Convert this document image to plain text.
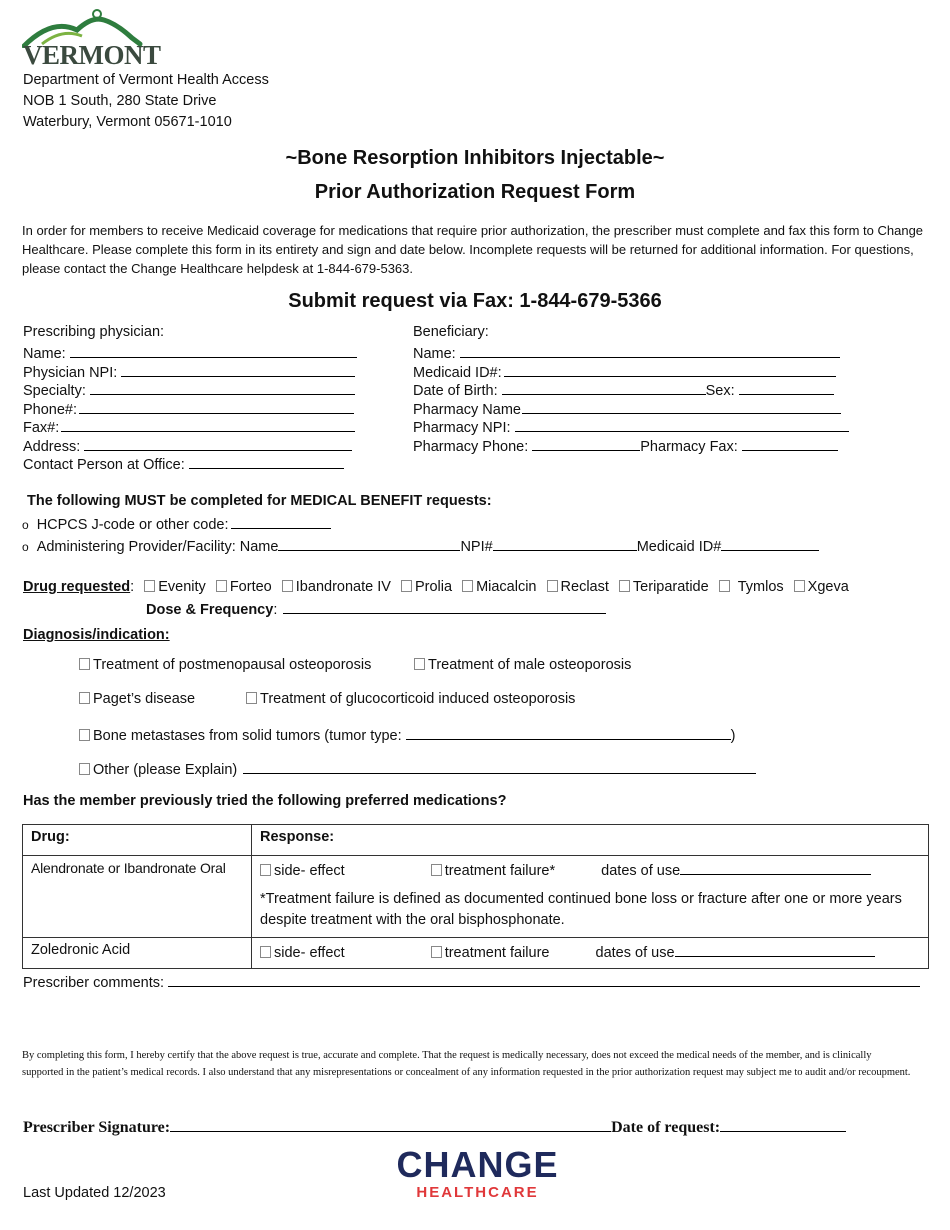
VERMONT
Department of Vermont Health Access
NOB 1 South, 280 State Drive
Waterbury, Vermont 05671-1010
~Bone Resorption Inhibitors Injectable~
Prior Authorization Request Form
In order for members to receive Medicaid coverage for medications that require prior authorization, the prescriber must complete and fax this form to Change Healthcare. Please complete this form in its entirety and sign and date below. Incomplete requests will be returned for additional information. For questions, please contact the Change Healthcare helpdesk at 1-844-679-5363.
Submit request via Fax: 1-844-679-5366
Prescribing physician:
Name:
Physician NPI:
Specialty:
Phone#:
Fax#:
Address:
Contact Person at Office:
Beneficiary:
Name:
Medicaid ID#:
Date of Birth:	Sex:
Pharmacy Name
Pharmacy NPI:
Pharmacy Phone:	Pharmacy Fax:
The following MUST be completed for MEDICAL BENEFIT requests:
o HCPCS J-code or other code:
o Administering Provider/Facility: Name	NPI#	Medicaid ID#
Drug requested: Evenity Forteo Ibandronate IV Prolia Miacalcin Reclast Teriparatide Tymlos Xgeva
Dose & Frequency:
Diagnosis/indication:
Treatment of postmenopausal osteoporosis	Treatment of male osteoporosis
Paget’s disease	Treatment of glucocorticoid induced osteoporosis
Bone metastases from solid tumors (tumor type:	)
Other (please Explain)
Has the member previously tried the following preferred medications?
Drug:	Response:
Alendronate or Ibandronate Oral	side- effect treatment failure* dates of use
*Treatment failure is defined as documented continued bone loss or fracture after one or more years despite treatment with the oral bisphosphonate.

Zoledronic Acid	side- effect treatment failure dates of use
Prescriber comments:
By completing this form, I hereby certify that the above request is true, accurate and complete. That the request is medically necessary, does not exceed the medical needs of the member, and is clinically supported in the patient’s medical records. I also understand that any misrepresentations or concealment of any information requested in the prior authorization request may subject me to audit and/or recoupment.
Prescriber Signature:	Date of request:
CHANGE
HEALTHCARE
Last Updated 12/2023
